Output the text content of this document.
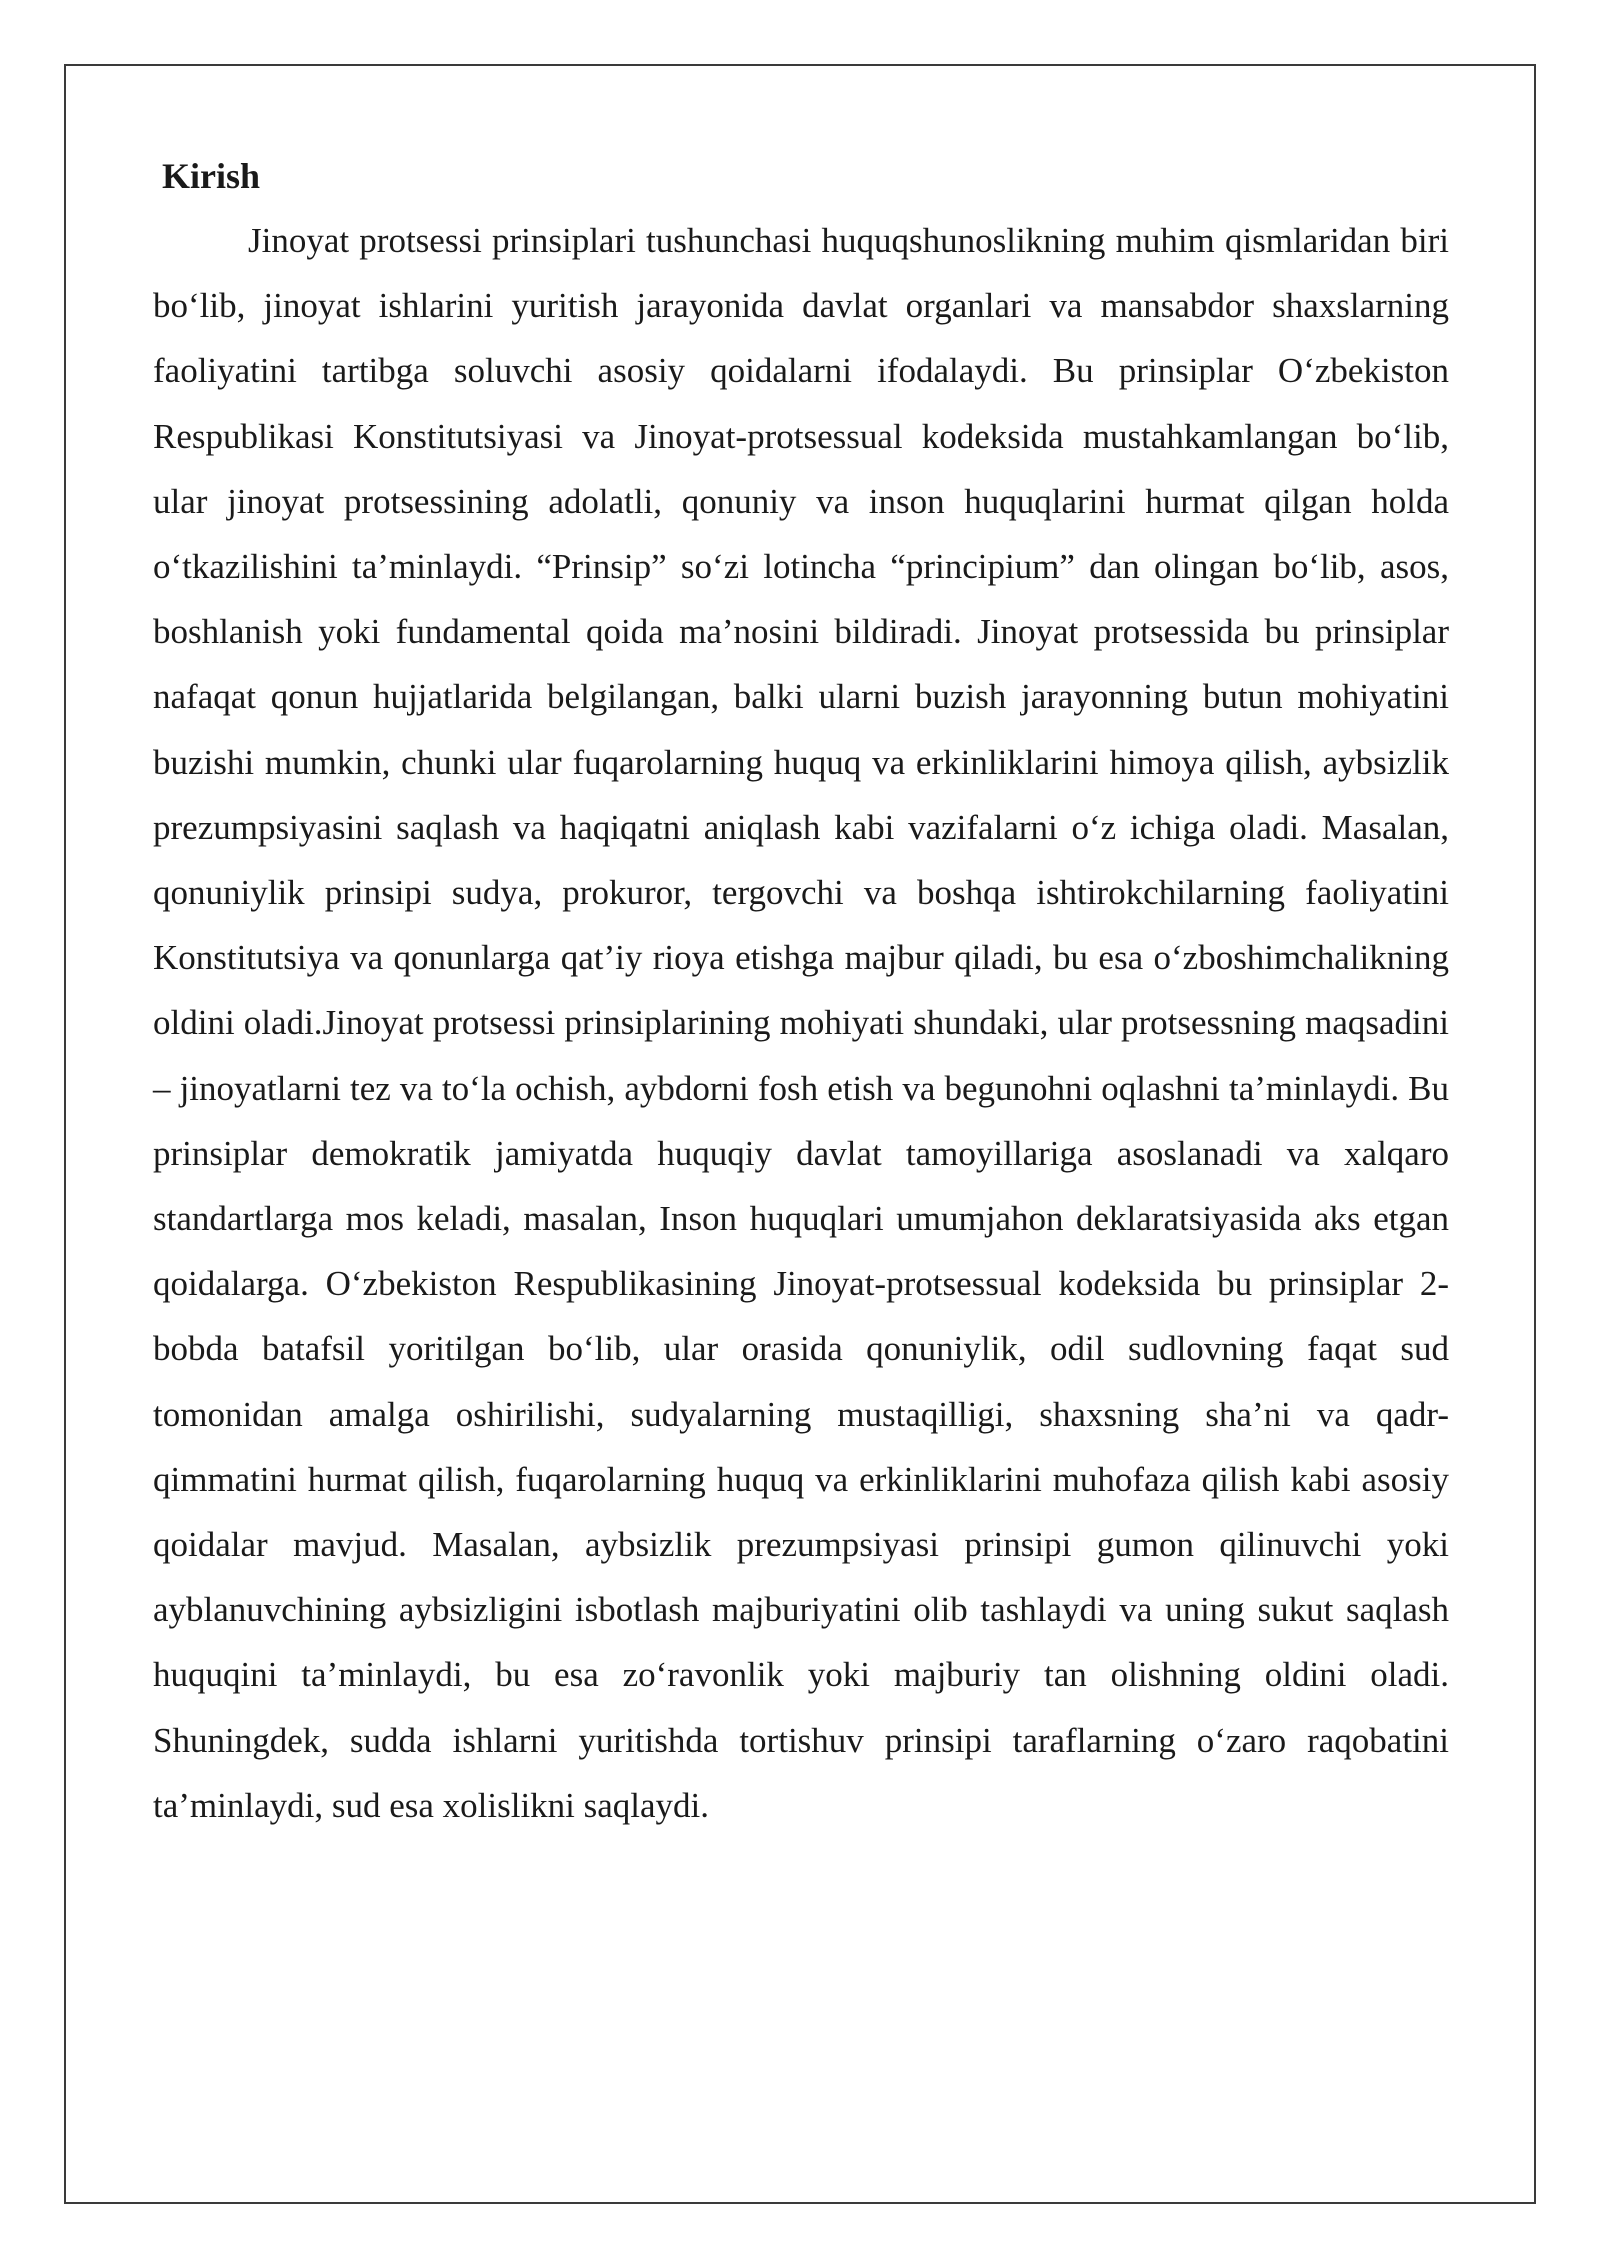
Kirish

Jinoyat protsessi prinsiplari tushunchasi huquqshunoslikning muhim qismlaridan biri bo‘lib, jinoyat ishlarini yuritish jarayonida davlat organlari va mansabdor shaxslarning faoliyatini tartibga soluvchi asosiy qoidalarni ifodalaydi. Bu prinsiplar O‘zbekiston Respublikasi Konstitutsiyasi va Jinoyat-protsessual kodeksida mustahkamlangan bo‘lib, ular jinoyat protsessining adolatli, qonuniy va inson huquqlarini hurmat qilgan holda o‘tkazilishini ta’minlaydi. “Prinsip” so‘zi lotincha “principium” dan olingan bo‘lib, asos, boshlanish yoki fundamental qoida ma’nosini bildiradi. Jinoyat protsessida bu prinsiplar nafaqat qonun hujjatlarida belgilangan, balki ularni buzish jarayonning butun mohiyatini buzishi mumkin, chunki ular fuqarolarning huquq va erkinliklarini himoya qilish, aybsizlik prezumpsiyasini saqlash va haqiqatni aniqlash kabi vazifalarni o‘z ichiga oladi. Masalan, qonuniylik prinsipi sudya, prokuror, tergovchi va boshqa ishtirokchilarning faoliyatini Konstitutsiya va qonunlarga qat’iy rioya etishga majbur qiladi, bu esa o‘zboshimchalikning oldini oladi.Jinoyat protsessi prinsiplarining mohiyati shundaki, ular protsessning maqsadini – jinoyatlarni tez va to‘la ochish, aybdorni fosh etish va begunohni oqlashni ta’minlaydi. Bu prinsiplar demokratik jamiyatda huquqiy davlat tamoyillariga asoslanadi va xalqaro standartlarga mos keladi, masalan, Inson huquqlari umumjahon deklaratsiyasida aks etgan qoidalarga. O‘zbekiston Respublikasining Jinoyat-protsessual kodeksida bu prinsiplar 2-bobda batafsil yoritilgan bo‘lib, ular orasida qonuniylik, odil sudlovning faqat sud tomonidan amalga oshirilishi, sudyalarning mustaqilligi, shaxsning sha’ni va qadr-qimmatini hurmat qilish, fuqarolarning huquq va erkinliklarini muhofaza qilish kabi asosiy qoidalar mavjud. Masalan, aybsizlik prezumpsiyasi prinsipi gumon qilinuvchi yoki ayblanuvchining aybsizligini isbotlash majburiyatini olib tashlaydi va uning sukut saqlash huquqini ta’minlaydi, bu esa zo‘ravonlik yoki majburiy tan olishning oldini oladi. Shuningdek, sudda ishlarni yuritishda tortishuv prinsipi taraflarning o‘zaro raqobatini ta’minlaydi, sud esa xolislikni saqlaydi.
